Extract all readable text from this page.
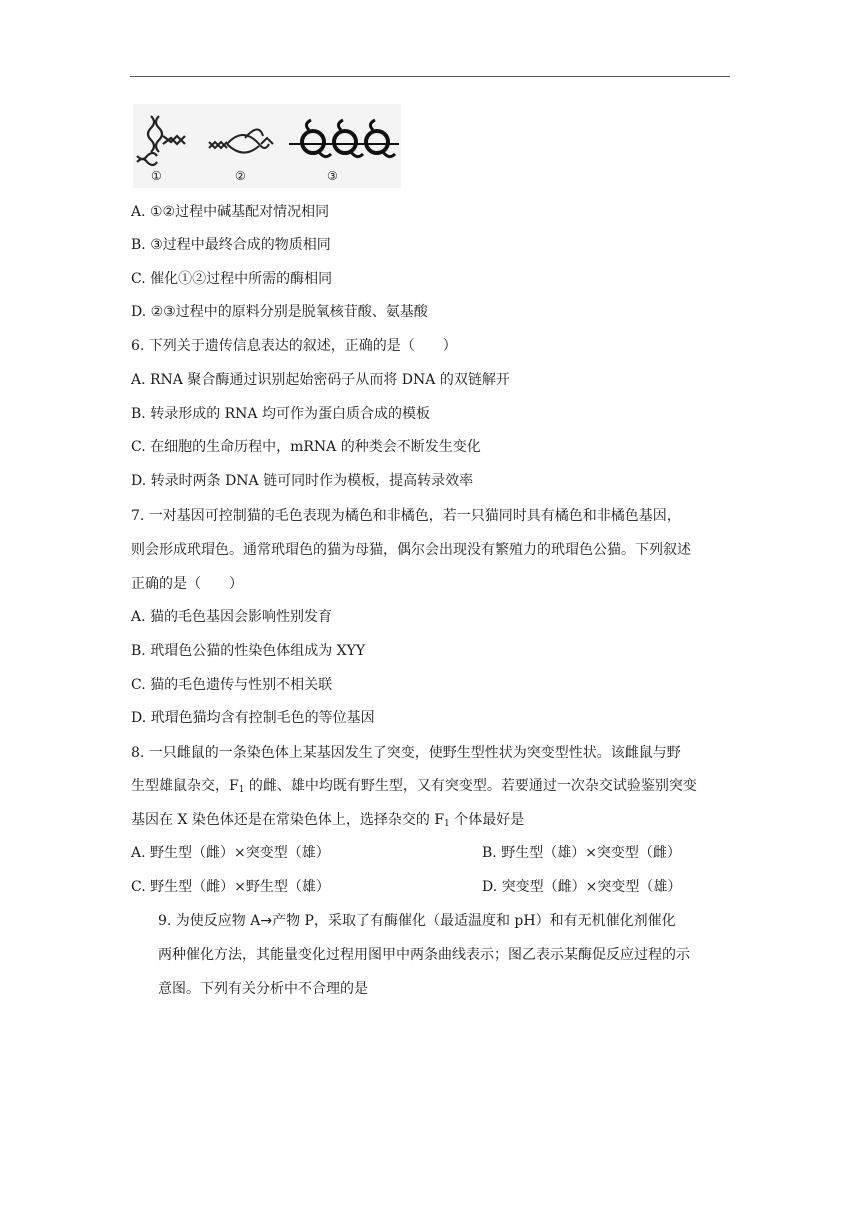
①	②	③
A. ①②过程中碱基配对情况相同
B. ③过程中最终合成的物质相同
C. 催化①②过程中所需的酶相同
D. ②③过程中的原料分别是脱氧核苷酸、氨基酸
6. 下列关于遗传信息表达的叙述，正确的是（　　）
A. RNA 聚合酶通过识别起始密码子从而将 DNA 的双链解开
B. 转录形成的 RNA 均可作为蛋白质合成的模板
C. 在细胞的生命历程中，mRNA 的种类会不断发生变化
D. 转录时两条 DNA 链可同时作为模板，提高转录效率
7. 一对基因可控制猫的毛色表现为橘色和非橘色，若一只猫同时具有橘色和非橘色基因，
则会形成玳瑁色。通常玳瑁色的猫为母猫，偶尔会出现没有繁殖力的玳瑁色公猫。下列叙述
正确的是（　　）
A. 猫的毛色基因会影响性别发育
B. 玳瑁色公猫的性染色体组成为 XYY
C. 猫的毛色遗传与性别不相关联
D. 玳瑁色猫均含有控制毛色的等位基因
8. 一只雌鼠的一条染色体上某基因发生了突变，使野生型性状为突变型性状。该雌鼠与野
生型雄鼠杂交，$F_1$ 的雌、雄中均既有野生型，又有突变型。若要通过一次杂交试验鉴别突变
基因在 X 染色体还是在常染色体上，选择杂交的 $F_1$ 个体最好是
A. 野生型（雌）×突变型（雄）	B. 野生型（雄）×突变型（雌）
C. 野生型（雌）×野生型（雄）	D. 突变型（雌）×突变型（雄）
9. 为使反应物 A→产物 P，采取了有酶催化（最适温度和 pH）和有无机催化剂催化
两种催化方法，其能量变化过程用图甲中两条曲线表示；图乙表示某酶促反应过程的示
意图。下列有关分析中不合理的是
